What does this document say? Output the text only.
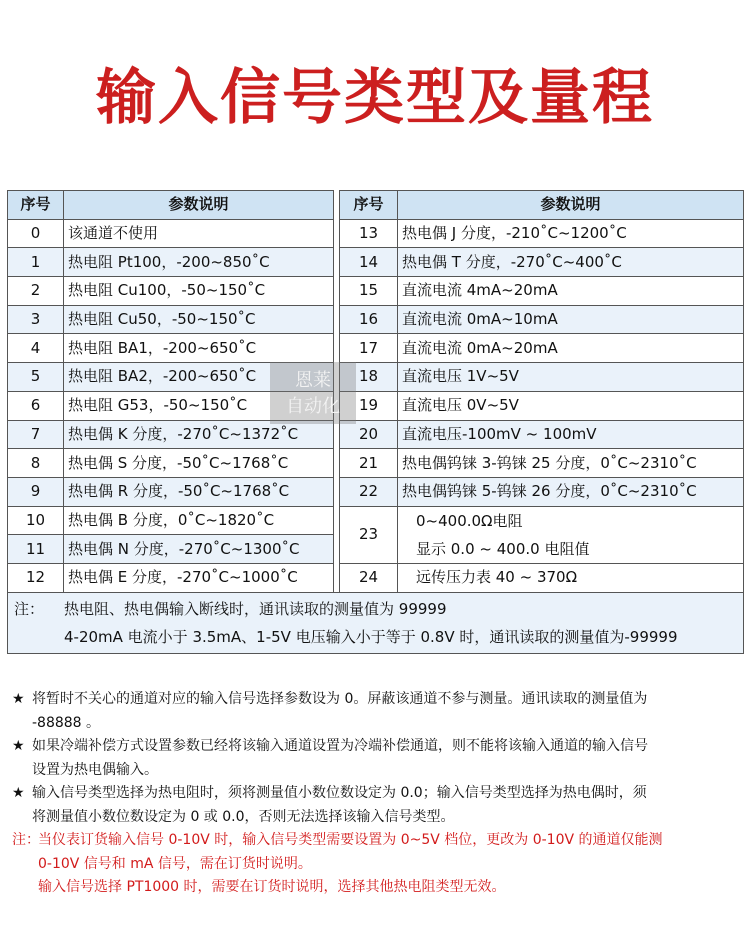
输入信号类型及量程
序号	参数说明		序号	参数说明
0	该通道不使用		13	热电偶 J 分度，-210˚C~1200˚C
1	热电阻 Pt100，-200~850˚C		14	热电偶 T 分度，-270˚C~400˚C
2	热电阻 Cu100，-50~150˚C		15	直流电流 4mA~20mA
3	热电阻 Cu50，-50~150˚C		16	直流电流 0mA~10mA
4	热电阻 BA1，-200~650˚C		17	直流电流 0mA~20mA
5	热电阻 BA2，-200~650˚C		18	直流电压 1V~5V
6	热电阻 G53，-50~150˚C		19	直流电压 0V~5V
7	热电偶 K 分度，-270˚C~1372˚C		20	直流电压-100mV ~ 100mV
8	热电偶 S 分度，-50˚C~1768˚C		21	热电偶钨铼 3-钨铼 25 分度，0˚C~2310˚C
9	热电偶 R 分度，-50˚C~1768˚C		22	热电偶钨铼 5-钨铼 26 分度，0˚C~2310˚C
10	热电偶 B 分度，0˚C~1820˚C		23	0~400.0Ω电阻
显示 0.0 ~ 400.0 电阻值

11	热电偶 N 分度，-270˚C~1300˚C			
12	热电偶 E 分度，-270˚C~1000˚C		24	远传压力表 40 ~ 370Ω

注： 热电阻、热电偶输入断线时，通讯读取的测量值为 99999
4-20mA 电流小于 3.5mA、1-5V 电压输入小于等于 0.8V 时，通讯读取的测量值为-99999				
恩莱
自动化
★ 将暂时不关心的通道对应的输入信号选择参数设为 0。屏蔽该通道不参与测量。通讯读取的测量值为

-88888 。

★ 如果冷端补偿方式设置参数已经将该输入通道设置为冷端补偿通道，则不能将该输入通道的输入信号

设置为热电偶输入。

★ 输入信号类型选择为热电阻时，须将测量值小数位数设定为 0.0；输入信号类型选择为热电偶时，须

将测量值小数位数设定为 0 或 0.0，否则无法选择该输入信号类型。

注：
当仪表订货输入信号 0-10V 时，输入信号类型需要设置为 0~5V 档位，更改为 0-10V 的通道仅能测

0-10V 信号和 mA 信号，需在订货时说明。

输入信号选择 PT1000 时，需要在订货时说明，选择其他热电阻类型无效。
